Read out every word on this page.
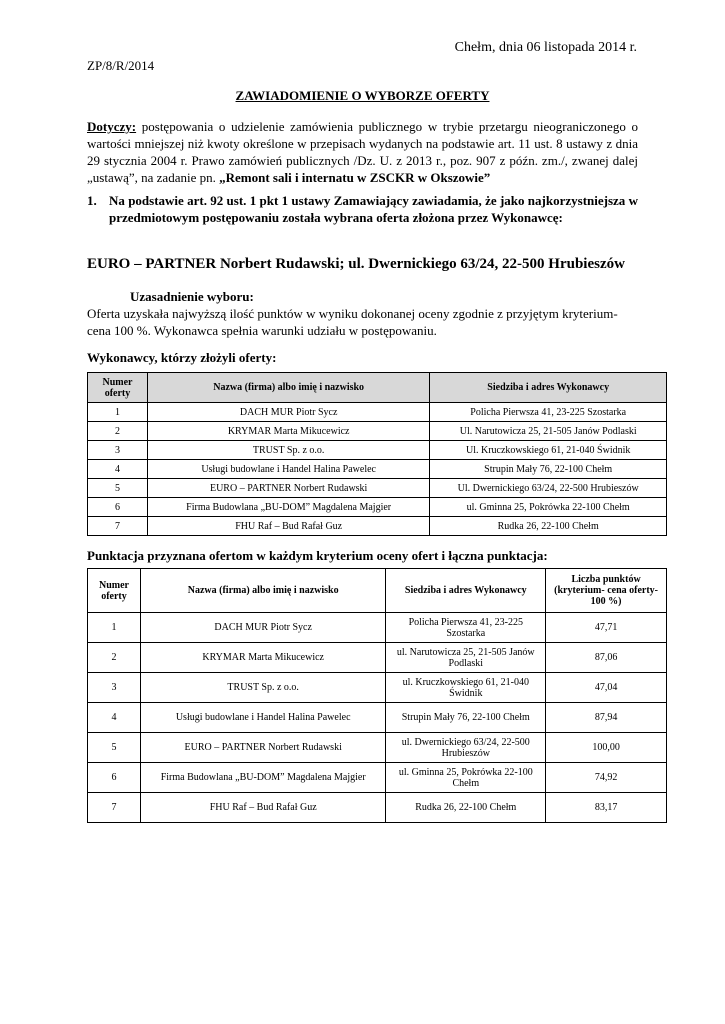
Chełm, dnia 06 listopada 2014 r.
ZP/8/R/2014
ZAWIADOMIENIE O WYBORZE OFERTY
Dotyczy: postępowania o udzielenie zamówienia publicznego w trybie przetargu nieograniczonego o wartości mniejszej niż kwoty określone w przepisach wydanych na podstawie art. 11 ust. 8 ustawy z dnia 29 stycznia 2004 r. Prawo zamówień publicznych /Dz. U. z 2013 r., poz. 907 z późn. zm./, zwanej dalej „ustawą”, na zadanie pn. „Remont sali i internatu w ZSCKR w Okszowie”
1. Na podstawie art. 92 ust. 1 pkt 1 ustawy Zamawiający zawiadamia, że jako najkorzystniejsza w przedmiotowym postępowaniu została wybrana oferta złożona przez Wykonawcę:
EURO – PARTNER Norbert Rudawski; ul. Dwernickiego 63/24, 22-500 Hrubieszów
Uzasadnienie wyboru:
Oferta uzyskała najwyższą ilość punktów w wyniku dokonanej oceny zgodnie z przyjętym kryterium- cena 100 %. Wykonawca spełnia warunki udziału w postępowaniu.
Wykonawcy, którzy złożyli oferty:
Numer oferty	Nazwa (firma) albo imię i nazwisko	Siedziba i adres Wykonawcy
1	DACH MUR Piotr Sycz	Policha Pierwsza 41, 23-225 Szostarka
2	KRYMAR Marta Mikucewicz	Ul. Narutowicza 25, 21-505 Janów Podlaski
3	TRUST Sp. z o.o.	Ul. Kruczkowskiego 61, 21-040 Świdnik
4	Usługi budowlane i Handel Halina Pawelec	Strupin Mały 76, 22-100 Chełm
5	EURO – PARTNER Norbert Rudawski	Ul. Dwernickiego 63/24, 22-500 Hrubieszów
6	Firma Budowlana „BU-DOM” Magdalena Majgier	ul. Gminna 25, Pokrówka 22-100 Chełm
7	FHU Raf – Bud Rafał Guz	Rudka 26, 22-100 Chełm
Punktacja przyznana ofertom w każdym kryterium oceny ofert i łączna punktacja:
Numer oferty	Nazwa (firma) albo imię i nazwisko	Siedziba i adres Wykonawcy	Liczba punktów (kryterium- cena oferty- 100 %)
1	DACH MUR Piotr Sycz	Policha Pierwsza 41, 23-225 Szostarka	47,71
2	KRYMAR Marta Mikucewicz	ul. Narutowicza 25, 21-505 Janów Podlaski	87,06
3	TRUST Sp. z o.o.	ul. Kruczkowskiego 61, 21-040 Świdnik	47,04
4	Usługi budowlane i Handel Halina Pawelec	Strupin Mały 76, 22-100 Chełm	87,94
5	EURO – PARTNER Norbert Rudawski	ul. Dwernickiego 63/24, 22-500 Hrubieszów	100,00
6	Firma Budowlana „BU-DOM” Magdalena Majgier	ul. Gminna 25, Pokrówka 22-100 Chełm	74,92
7	FHU Raf – Bud Rafał Guz	Rudka 26, 22-100 Chełm	83,17
